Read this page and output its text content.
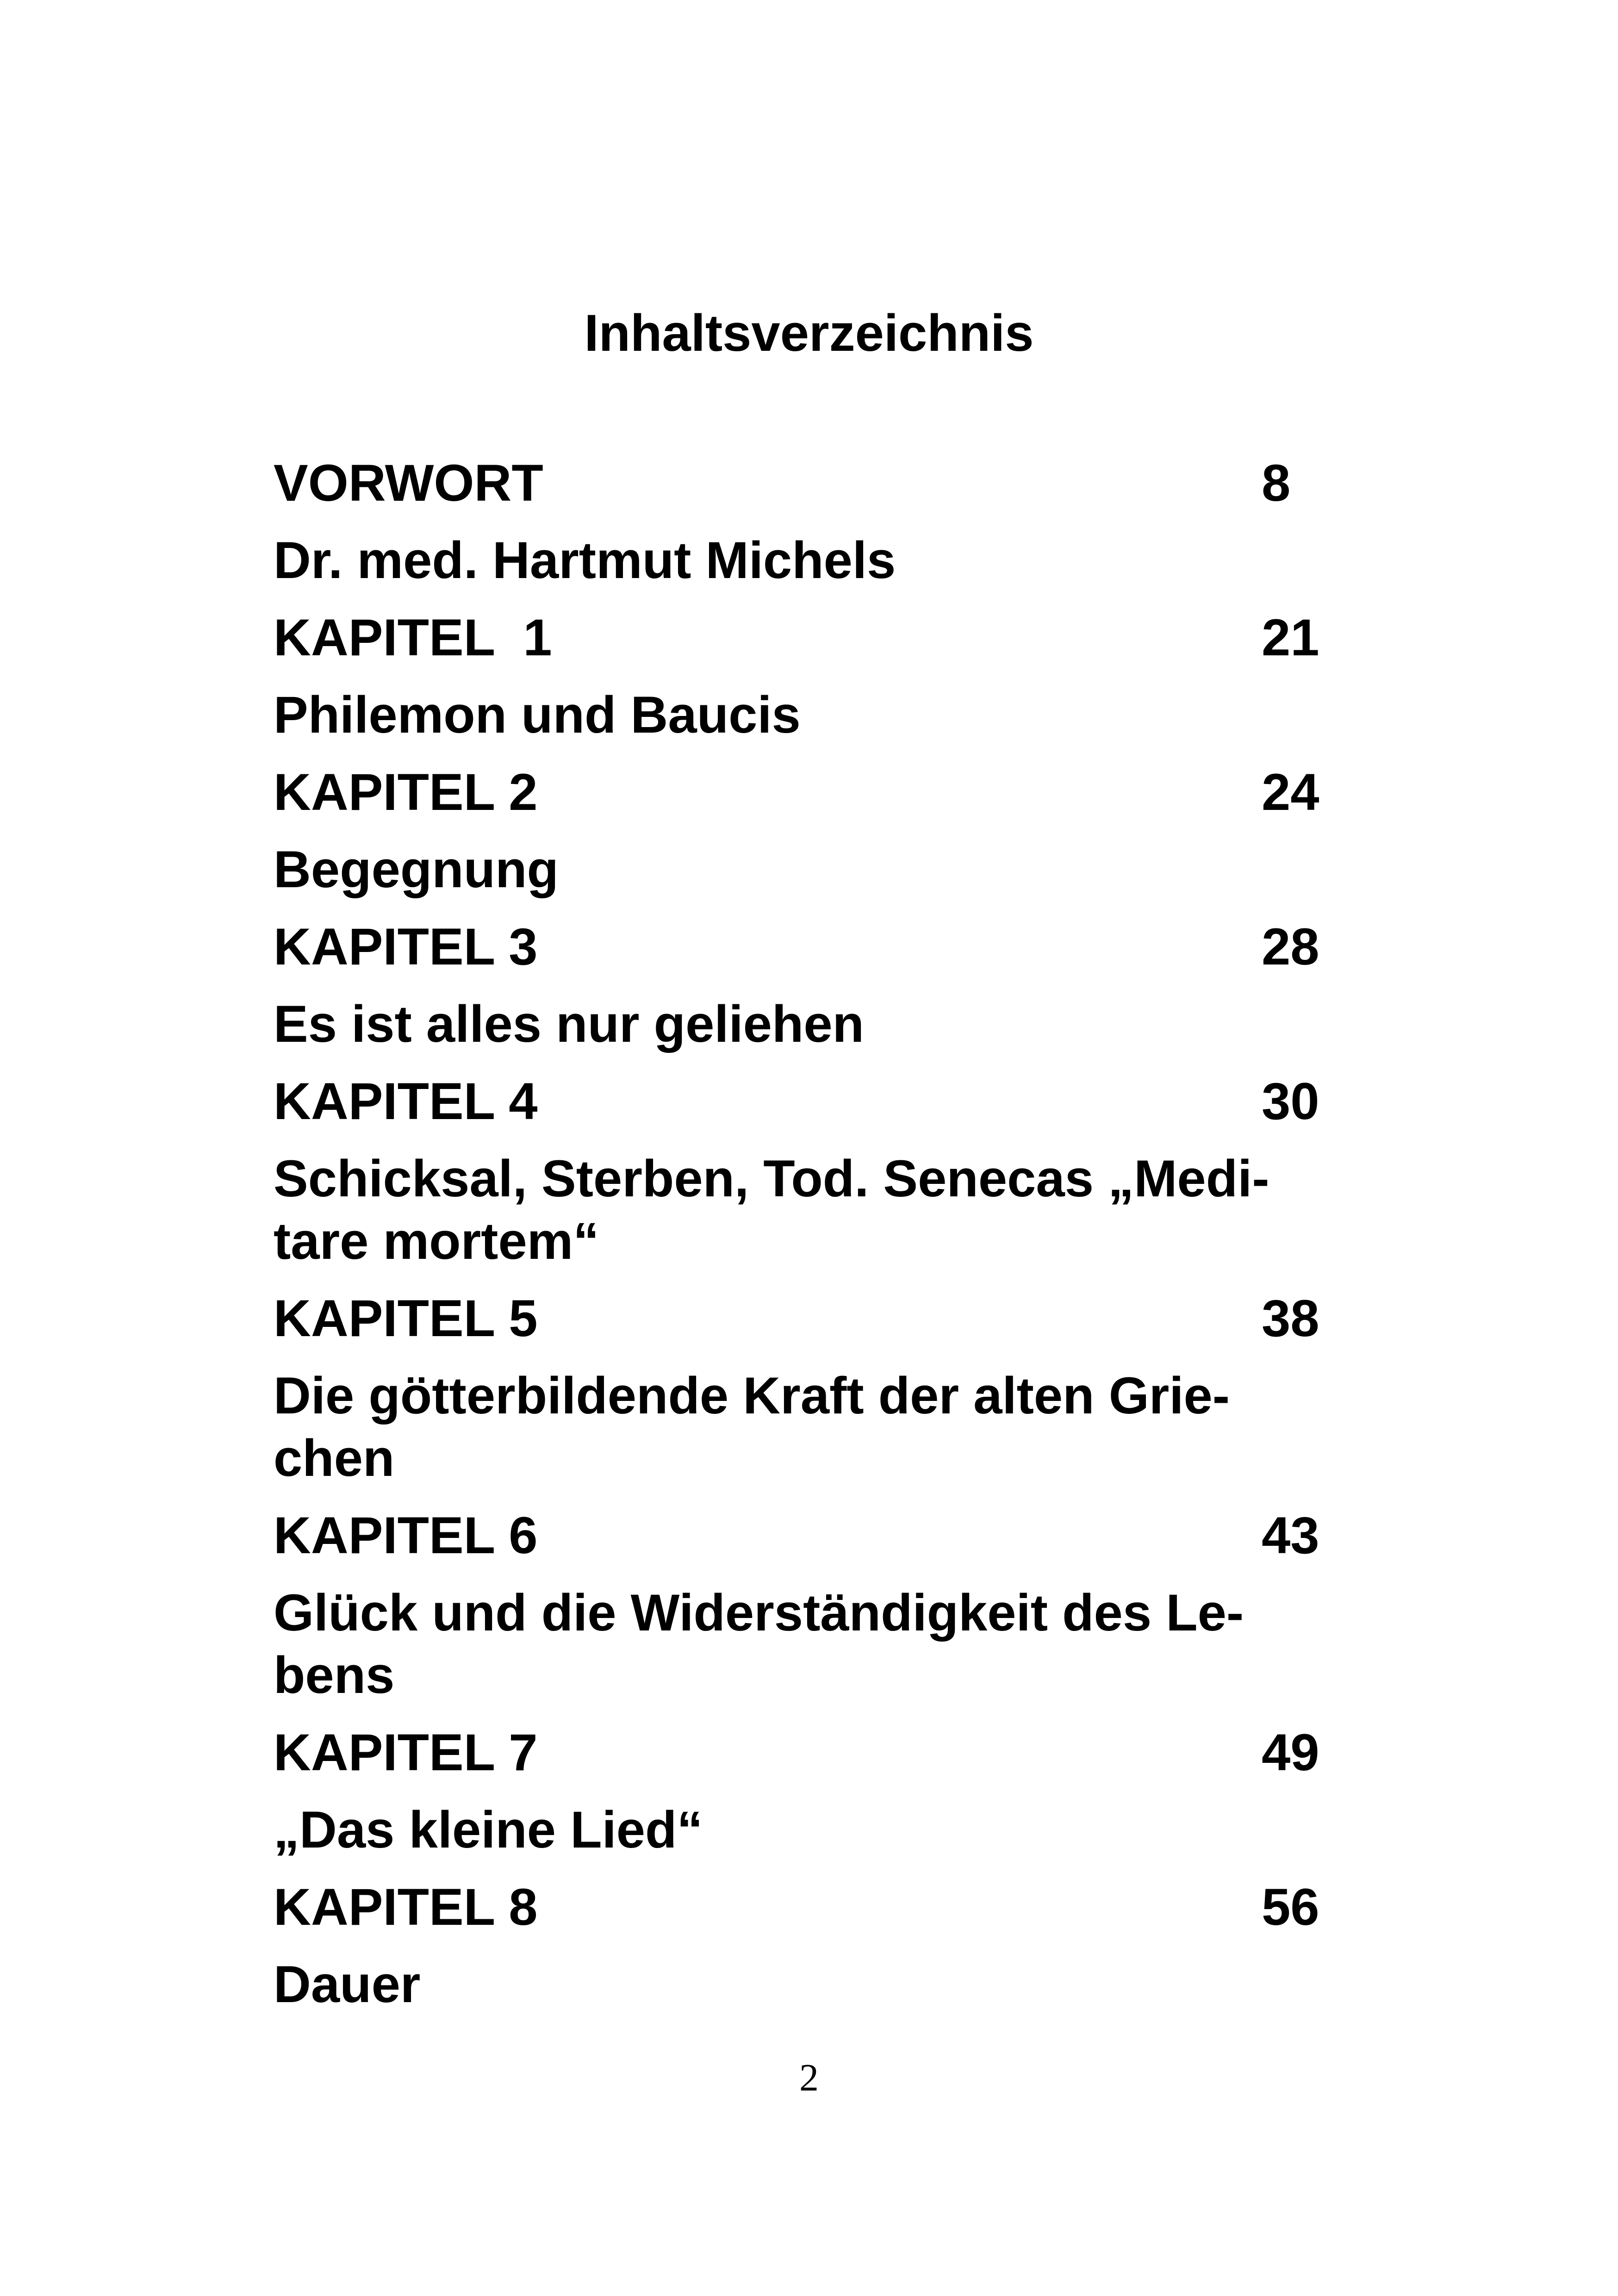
Inhaltsverzeichnis
VORWORT	8
Dr. med. Hartmut Michels
KAPITEL  1	21
Philemon und Baucis
KAPITEL 2	24
Begegnung
KAPITEL 3	28
Es ist alles nur geliehen
KAPITEL 4	30
Schicksal, Sterben, Tod. Senecas „Medi-tare mortem“
KAPITEL 5	38
Die götterbildende Kraft der alten Grie-chen
KAPITEL 6	43
Glück und die Widerständigkeit des Le-bens
KAPITEL 7	49
„Das kleine Lied“
KAPITEL 8	56
Dauer
2
